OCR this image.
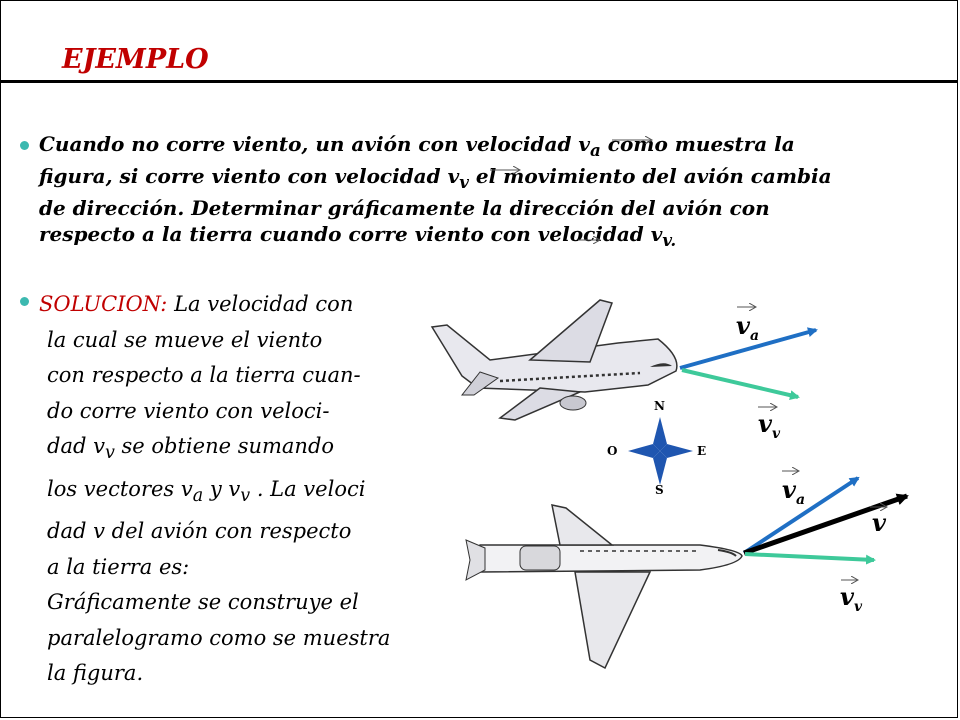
EJEMPLO

Cuando no corre viento, un avión con velocidad $v_a$ como muestra la
figura, si corre viento con velocidad $v_v$ el movimiento del avión cambia
de dirección. Determinar gráficamente la dirección del avión con
respecto a la tierra cuando corre viento con velocidad $v_{v.}$

SOLUCION: La velocidad con
la cual se mueve el viento
con respecto a la tierra cuan-
do corre viento con veloci-
dad $v_v$ se obtiene sumando
los vectores $v_a$ y $v_v$ . La veloci
dad v del avión con respecto
a la tierra es:
Gráficamente se construye el
paralelogramo como se muestra
la figura.

$v_a$
$v_v$
$v_a$
v
$v_v$
N
S
E
O
